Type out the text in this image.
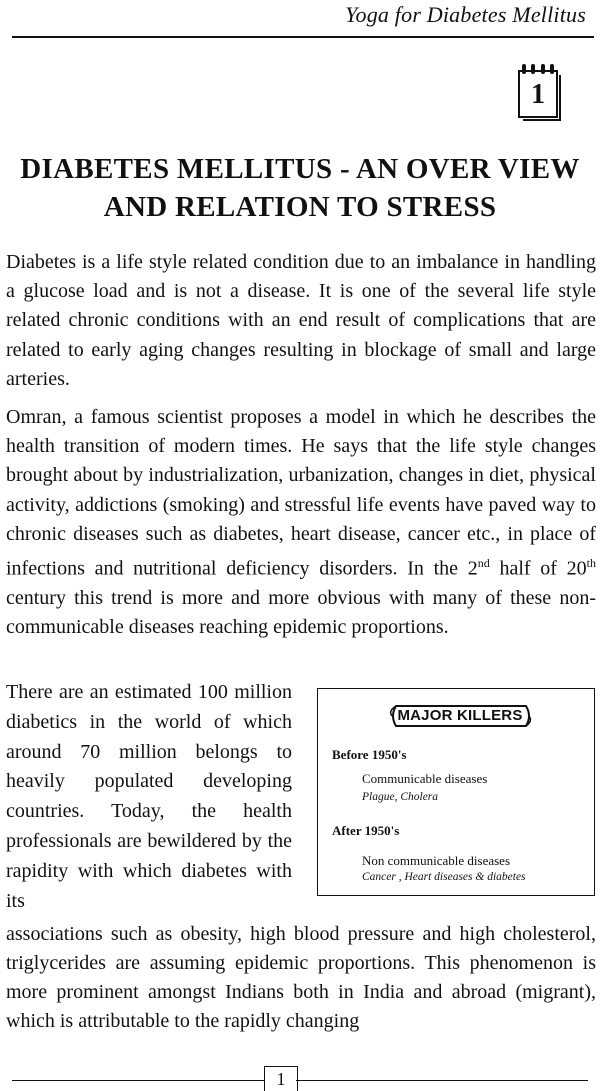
Yoga for Diabetes Mellitus
1
DIABETES MELLITUS - AN OVER VIEW
AND RELATION TO STRESS

Diabetes is a life style related condition due to an imbalance in handling a glucose load and is not a disease. It is one of the several life style related chronic conditions with an end result of complications that are related to early aging changes resulting in blockage of small and large arteries.

Omran, a famous scientist proposes a model in which he describes the health transition of modern times. He says that the life style changes brought about by industrialization, urbanization, changes in diet, physical activity, addictions (smoking) and stressful life events have paved way to chronic diseases such as diabetes, heart disease, cancer etc., in place of infections and nutritional deficiency disorders. In the 2nd half of 20th century this trend is more and more obvious with many of these non-communicable diseases reaching epidemic proportions.

There are an estimated 100 million diabetics in the world of which around 70 million belongs to heavily populated developing countries. Today, the health professionals are bewildered by the rapidity with which diabetes with its

MAJOR KILLERS
Before 1950's
Communicable diseases
Plague, Cholera
After 1950's
Non communicable diseases
Cancer , Heart diseases & diabetes

associations such as obesity, high blood pressure and high cholesterol, triglycerides are assuming epidemic proportions. This phenomenon is more prominent amongst Indians both in India and abroad (migrant), which is attributable to the rapidly changing

1
